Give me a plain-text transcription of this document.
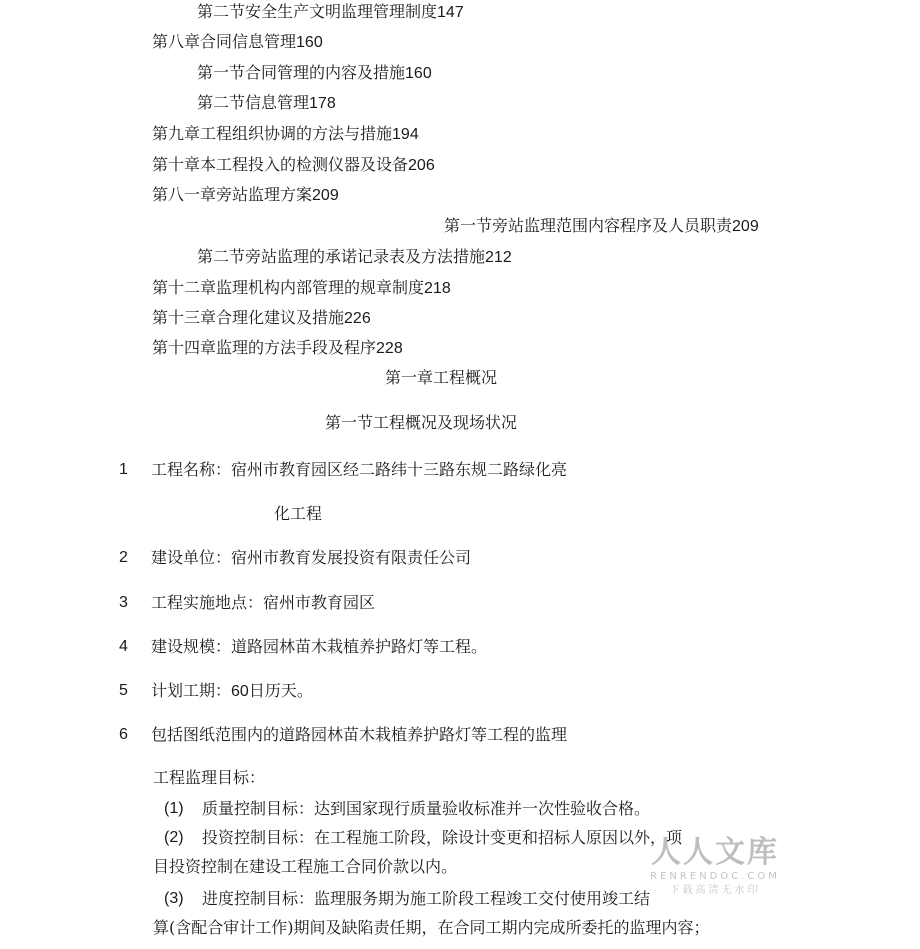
第二节安全生产文明监理管理制度147
第八章合同信息管理160
第一节合同管理的内容及措施160
第二节信息管理178
第九章工程组织协调的方法与措施194
第十章本工程投入的检测仪器及设备206
第八一章旁站监理方案209
第一节旁站监理范围内容程序及人员职责209
第二节旁站监理的承诺记录表及方法措施212
第十二章监理机构内部管理的规章制度218
第十三章合理化建议及措施226
第十四章监理的方法手段及程序228
第一章工程概况
第一节工程概况及现场状况
1 工程名称：宿州市教育园区经二路纬十三路东规二路绿化亮
化工程
2 建设单位：宿州市教育发展投资有限责任公司
3 工程实施地点：宿州市教育园区
4 建设规模：道路园林苗木栽植养护路灯等工程。
5 计划工期：60日历天。
6 包括图纸范围内的道路园林苗木栽植养护路灯等工程的监理
工程监理目标：
(1) 质量控制目标：达到国家现行质量验收标准并一次性验收合格。
(2) 投资控制目标：在工程施工阶段，除设计变更和招标人原因以外，项
目投资控制在建设工程施工合同价款以内。
(3) 进度控制目标：监理服务期为施工阶段工程竣工交付使用竣工结
算(含配合审计工作)期间及缺陷责任期，在合同工期内完成所委托的监理内容；
人人文库
RENRENDOC.COM
下载高清无水印
